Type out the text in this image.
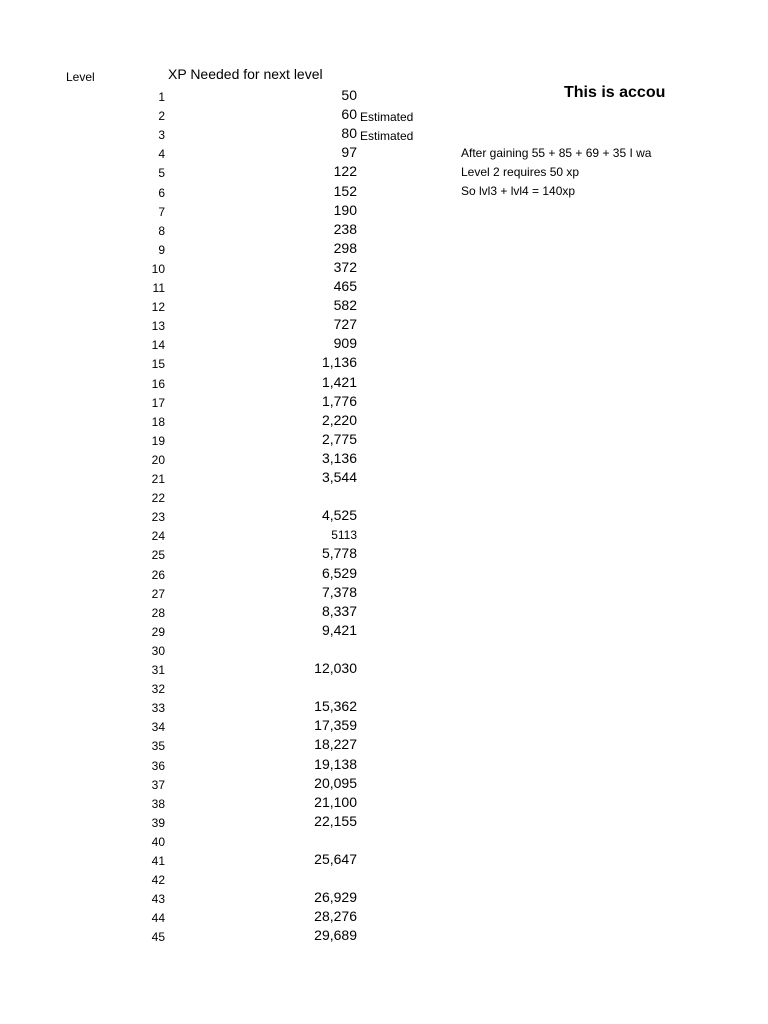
Level	XP Needed for next level
1	50
2	60 Estimated
3	80 Estimated
4	97
5	122
6	152
7	190
8	238
9	298
10	372
11	465
12	582
13	727
14	909
15	1,136
16	1,421
17	1,776
18	2,220
19	2,775
20	3,136
21	3,544
22
23	4,525
24	5113
25	5,778
26	6,529
27	7,378
28	8,337
29	9,421
30
31	12,030
32
33	15,362
34	17,359
35	18,227
36	19,138
37	20,095
38	21,100
39	22,155
40
41	25,647
42
43	26,929
44	28,276
45	29,689
This is accou
After gaining 55 + 85 + 69 + 35 I wa
Level 2 requires 50 xp
So lvl3 + lvl4 = 140xp
